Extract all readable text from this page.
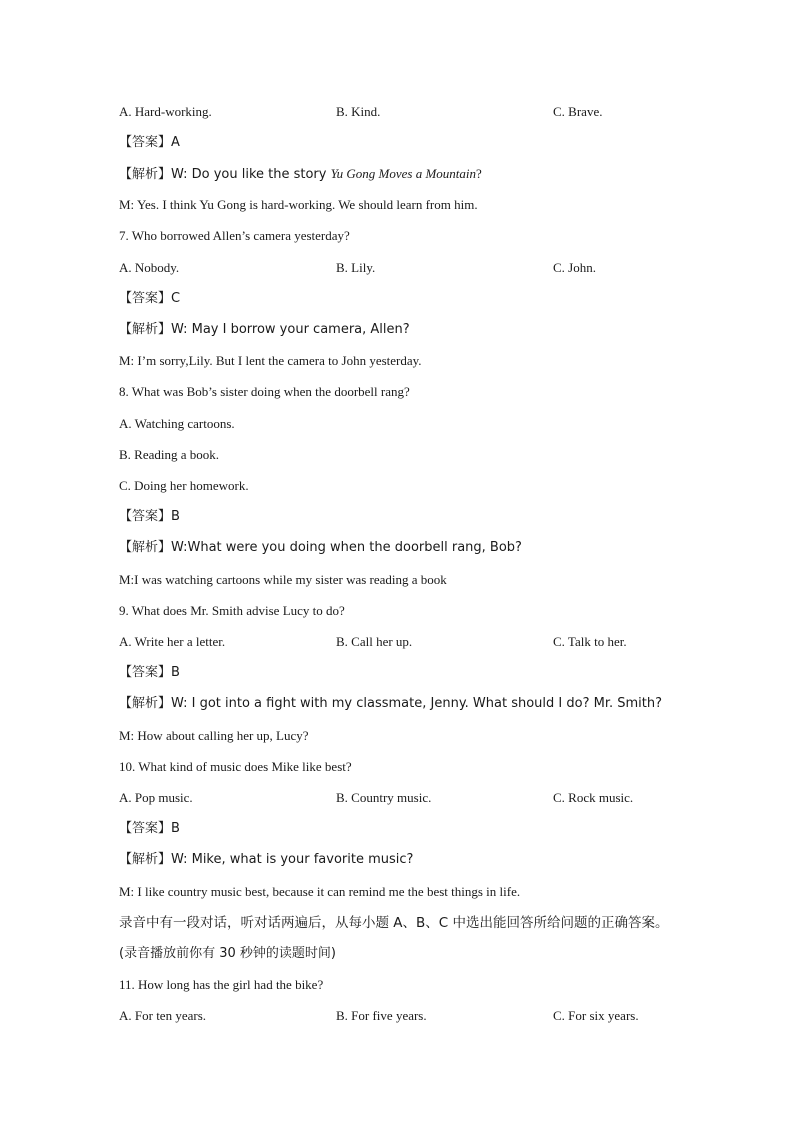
A. Hard-working.	B. Kind.	C. Brave.
【答案】A
【解析】W: Do you like the story Yu Gong Moves a Mountain?
M: Yes. I think Yu Gong is hard-working. We should learn from him.
7. Who borrowed Allen’s camera yesterday?
A. Nobody.	B. Lily.	C. John.
【答案】C
【解析】W: May I borrow your camera, Allen?
M: I’m sorry,Lily. But I lent the camera to John yesterday.
8. What was Bob’s sister doing when the doorbell rang?
A. Watching cartoons.
B. Reading a book.
C. Doing her homework.
【答案】B
【解析】W:What were you doing when the doorbell rang, Bob?
M:I was watching cartoons while my sister was reading a book
9. What does Mr. Smith advise Lucy to do?
A. Write her a letter.	B. Call her up.	C. Talk to her.
【答案】B
【解析】W: I got into a fight with my classmate, Jenny. What should I do? Mr. Smith?
M: How about calling her up, Lucy?
10. What kind of music does Mike like best?
A. Pop music.	B. Country music.	C. Rock music.
【答案】B
【解析】W: Mike, what is your favorite music?
M: I like country music best, because it can remind me the best things in life.
录音中有一段对话，听对话两遍后，从每小题 A、B、C 中选出能回答所给问题的正确答案。
(录音播放前你有 30 秒钟的读题时间)
11. How long has the girl had the bike?
A. For ten years.	B. For five years.	C. For six years.
